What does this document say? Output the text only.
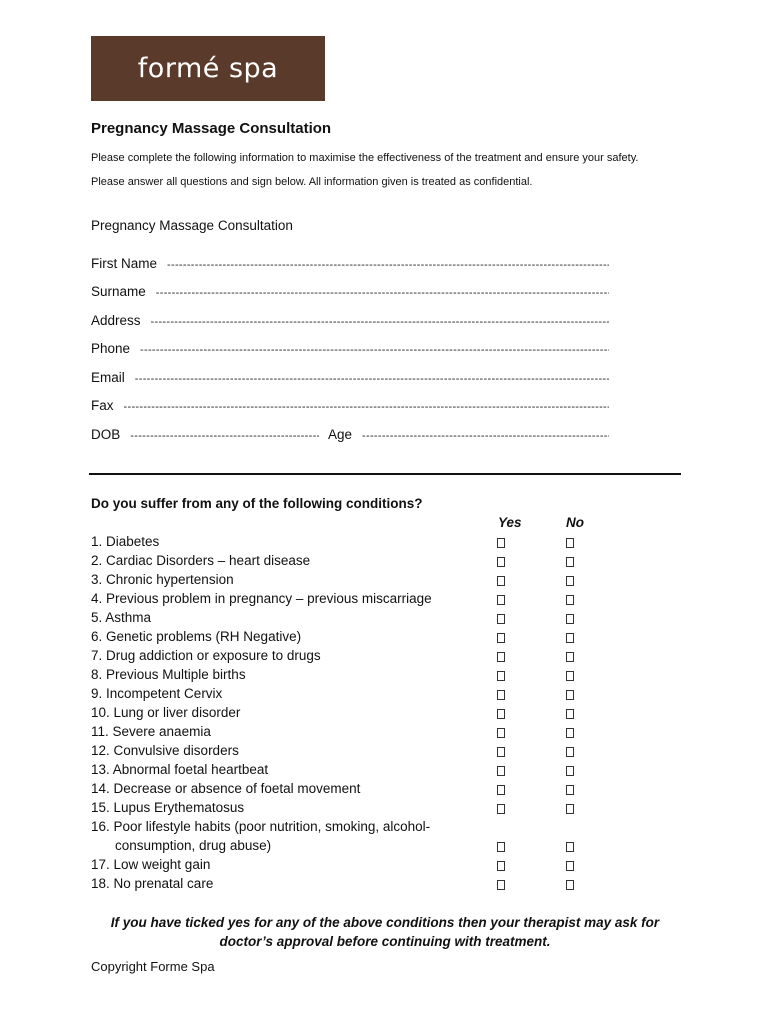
formé spa
Pregnancy Massage Consultation
Please complete the following information to maximise the effectiveness of the treatment and ensure your safety.
Please answer all questions and sign below. All information given is treated as confidential.
Pregnancy Massage Consultation
First Name
-----
Surname
-----
Address
-----
Phone
-----
Email
-----
Fax
-----
DOB
-----	Age
-----
Do you suffer from any of the following conditions?
Yes	No
1. Diabetes
2. Cardiac Disorders – heart disease
3. Chronic hypertension
4. Previous problem in pregnancy – previous miscarriage
5. Asthma
6. Genetic problems (RH Negative)
7. Drug addiction or exposure to drugs
8. Previous Multiple births
9. Incompetent Cervix
10. Lung or liver disorder
11. Severe anaemia
12. Convulsive disorders
13. Abnormal foetal heartbeat
14. Decrease or absence of foetal movement
15. Lupus Erythematosus
16. Poor lifestyle habits (poor nutrition, smoking, alcohol-
consumption, drug abuse)
17. Low weight gain
18. No prenatal care
If you have ticked yes for any of the above conditions then your therapist may ask for doctor’s approval before continuing with treatment.
Copyright Forme Spa
